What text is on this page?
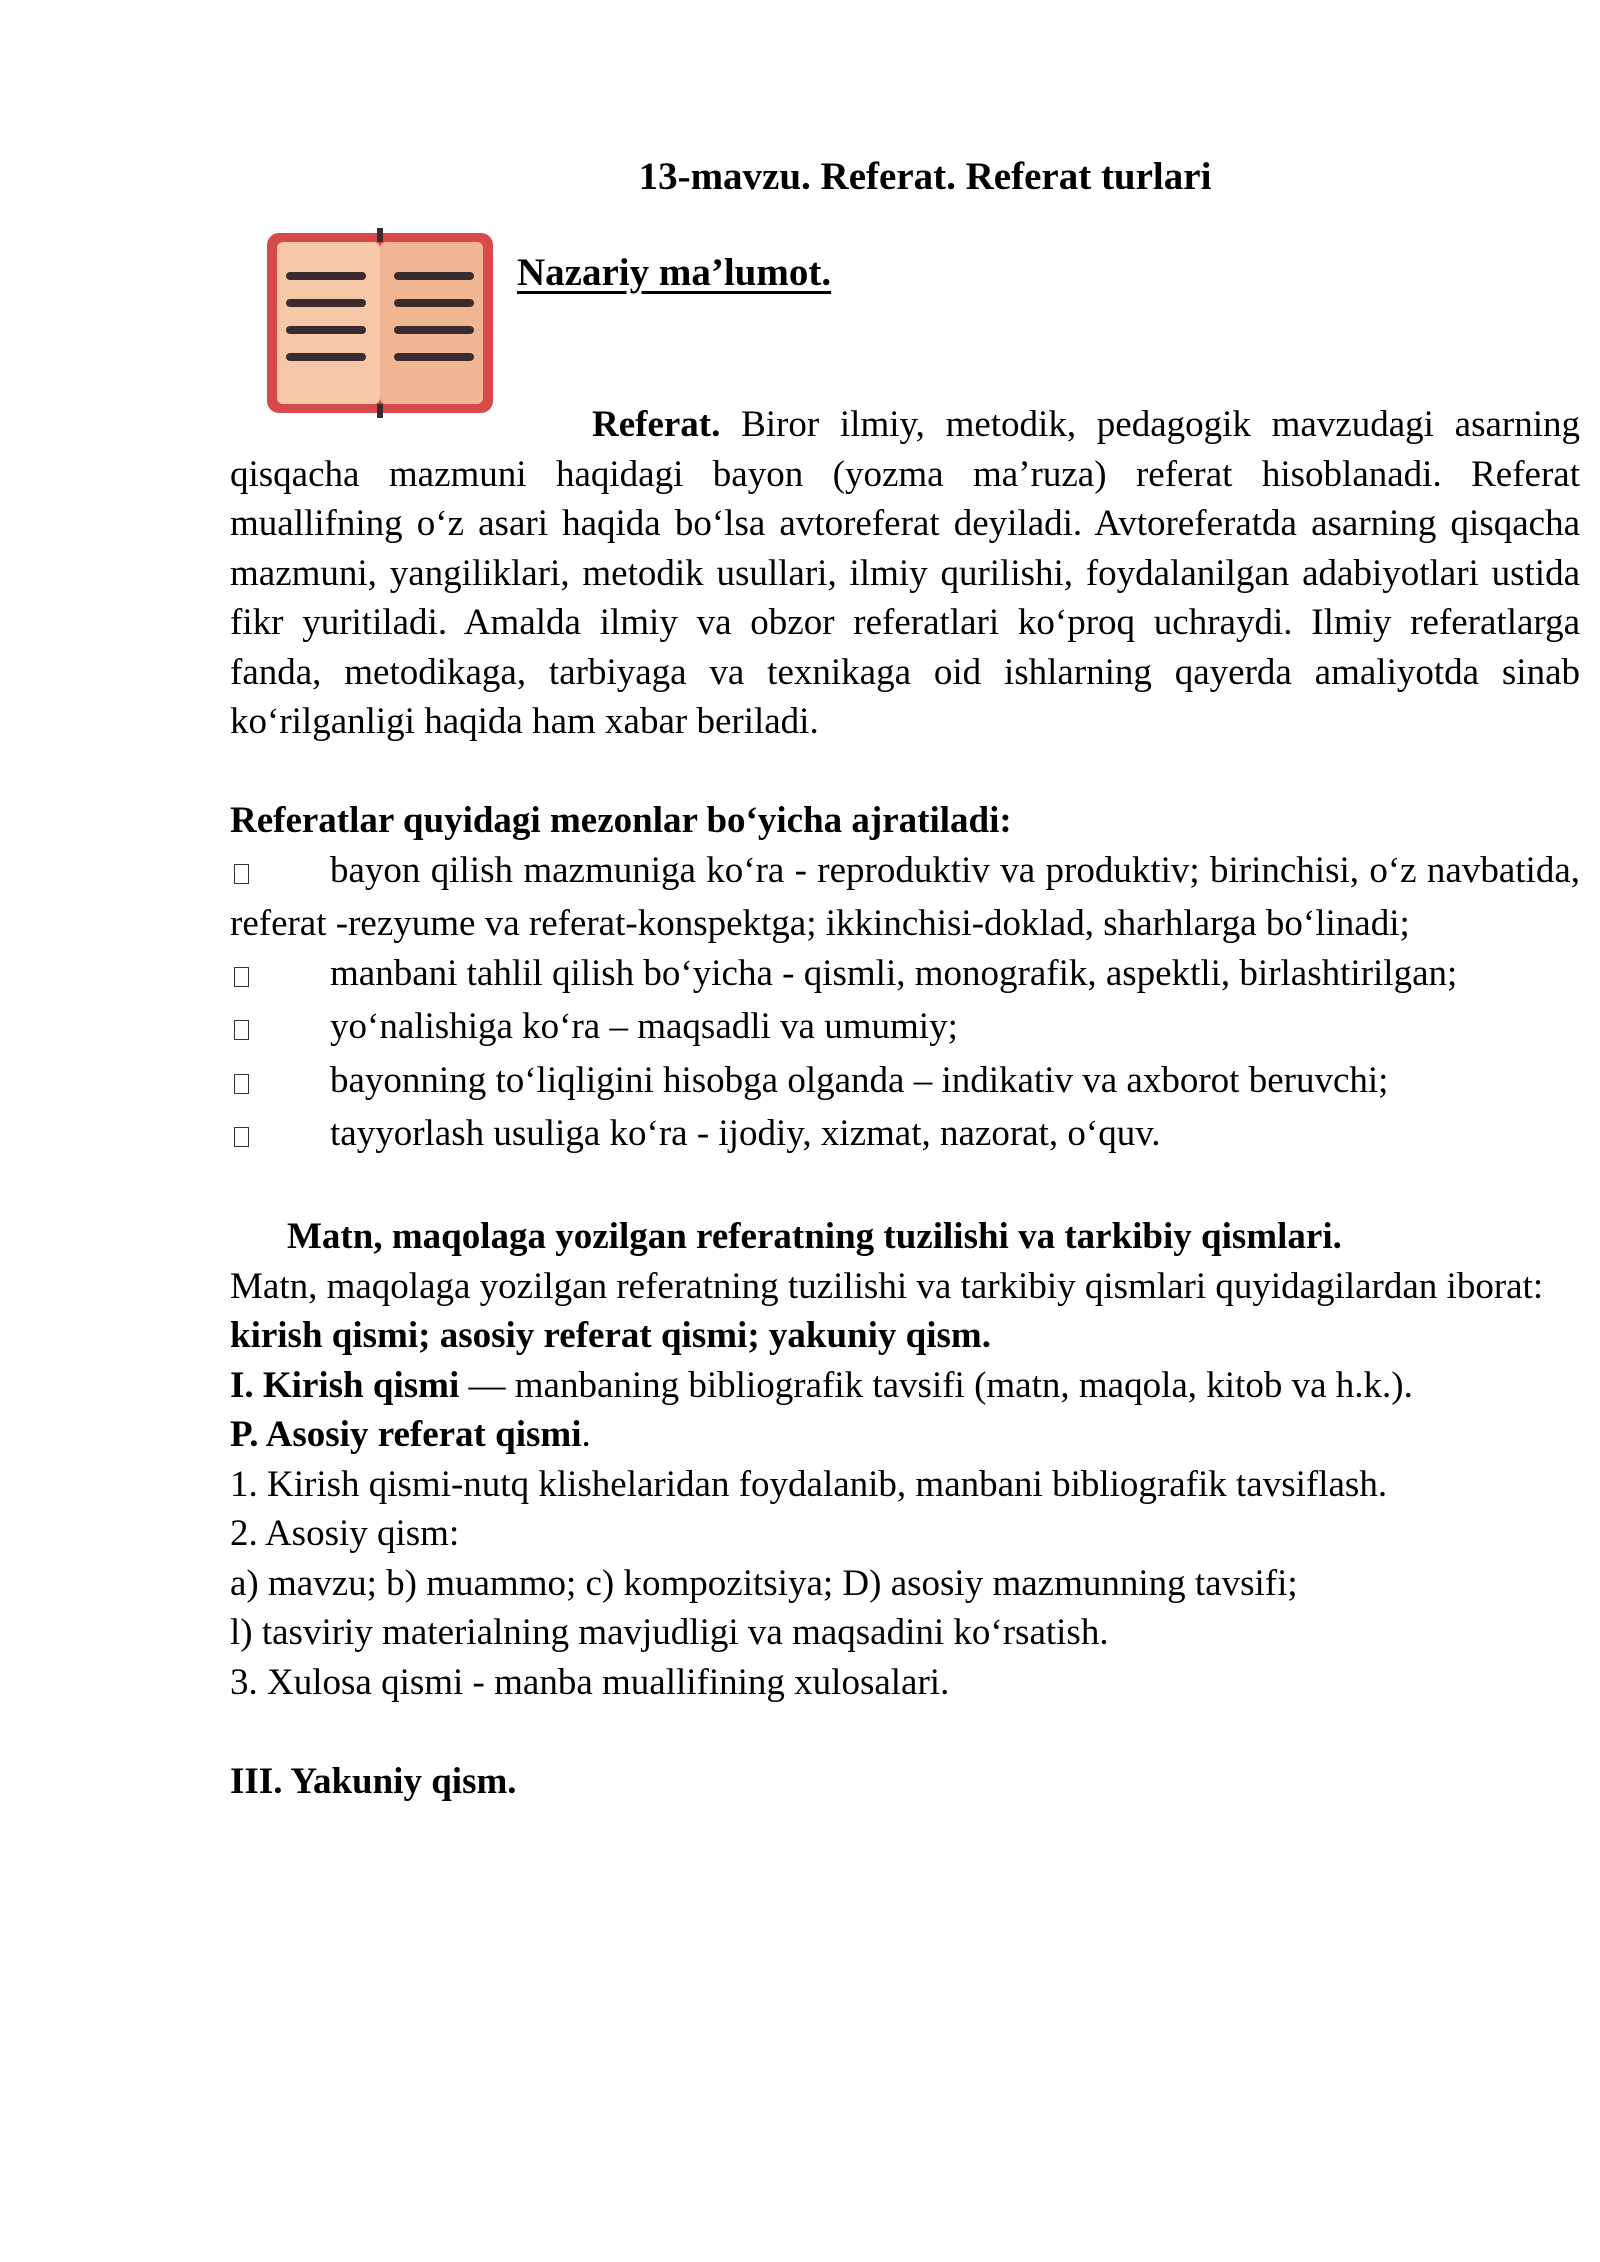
13-mavzu. Referat. Referat turlari
Nazariy ma’lumot.

Referat. Biror ilmiy, metodik, pedagogik mavzudagi asarning qisqacha mazmuni haqidagi bayon (yozma ma’ruza) referat hisoblanadi. Referat muallifning o‘z asari haqida bo‘lsa avtoreferat deyiladi. Avtoreferatda asarning qisqacha mazmuni, yangiliklari, metodik usullari, ilmiy qurilishi, foydalanilgan adabiyotlari ustida fikr yuritiladi. Amalda ilmiy va obzor referatlari ko‘proq uchraydi. Ilmiy referatlarga fanda, metodikaga, tarbiyaga va texnikaga oid ishlarning qayerda amaliyotda sinab ko‘rilganligi haqida ham xabar beriladi.

Referatlar quyidagi mezonlar bo‘yicha ajratiladi:

bayon qilish mazmuniga ko‘ra - reproduktiv va produktiv; birinchisi, o‘z navbatida, referat -rezyume va referat-konspektga; ikkinchisi-doklad, sharhlarga bo‘linadi;

manbani tahlil qilish bo‘yicha - qismli, monografik, aspektli, birlashtirilgan;

yo‘nalishiga ko‘ra – maqsadli va umumiy;

bayonning to‘liqligini hisobga olganda – indikativ va axborot beruvchi;

tayyorlash usuliga ko‘ra - ijodiy, xizmat, nazorat, o‘quv.

Matn, maqolaga yozilgan referatning tuzilishi va tarkibiy qismlari.

Matn, maqolaga yozilgan referatning tuzilishi va tarkibiy qismlari quyidagilardan iborat:

kirish qismi; asosiy referat qismi; yakuniy qism.

I. Kirish qismi — manbaning bibliografik tavsifi (matn, maqola, kitob va h.k.).

P. Asosiy referat qismi.

1. Kirish qismi-nutq klishelaridan foydalanib, manbani bibliografik tavsiflash.

2. Asosiy qism:

a) mavzu; b) muammo; c) kompozitsiya; D) asosiy mazmunning tavsifi;

l) tasviriy materialning mavjudligi va maqsadini ko‘rsatish.

3. Xulosa qismi - manba muallifining xulosalari.

III. Yakuniy qism.
